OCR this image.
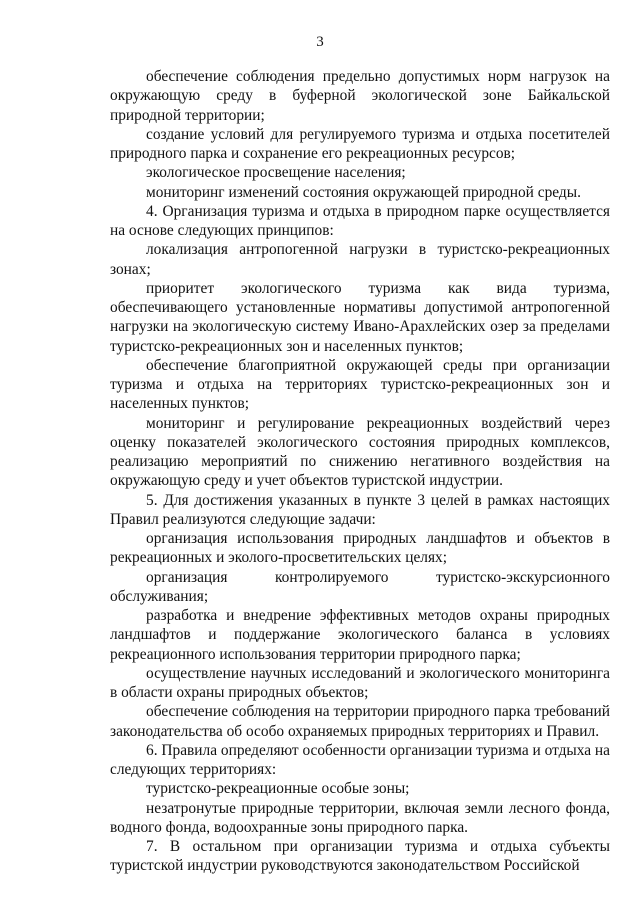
3

обеспечение соблюдения предельно допустимых норм нагрузок на окружающую среду в буферной экологической зоне Байкальской природной территории;

создание условий для регулируемого туризма и отдыха посетителей природного парка и сохранение его рекреационных ресурсов;

экологическое просвещение населения;

мониторинг изменений состояния окружающей природной среды.

4. Организация туризма и отдыха в природном парке осуществляется на основе следующих принципов:

локализация антропогенной нагрузки в туристско-рекреационных зонах;

приоритет экологического туризма как вида туризма, обеспечивающего установленные нормативы допустимой антропогенной нагрузки на экологическую систему Ивано-Арахлейских озер за пределами туристско-рекреационных зон и населенных пунктов;

обеспечение благоприятной окружающей среды при организации туризма и отдыха на территориях туристско-рекреационных зон и населенных пунктов;

мониторинг и регулирование рекреационных воздействий через оценку показателей экологического состояния природных комплексов, реализацию мероприятий по снижению негативного воздействия на окружающую среду и учет объектов туристской индустрии.

5. Для достижения указанных в пункте 3 целей в рамках настоящих Правил реализуются следующие задачи:

организация использования природных ландшафтов и объектов в рекреационных и эколого-просветительских целях;

организация контролируемого туристско-экскурсионного обслуживания;

разработка и внедрение эффективных методов охраны природных ландшафтов и поддержание экологического баланса в условиях рекреационного использования территории природного парка;

осуществление научных исследований и экологического мониторинга в области охраны природных объектов;

обеспечение соблюдения на территории природного парка требований законодательства об особо охраняемых природных территориях и Правил.

6. Правила определяют особенности организации туризма и отдыха на следующих территориях:

туристско-рекреационные особые зоны;

незатронутые природные территории, включая земли лесного фонда, водного фонда, водоохранные зоны природного парка.

7. В остальном при организации туризма и отдыха субъекты туристской индустрии руководствуются законодательством Российской
